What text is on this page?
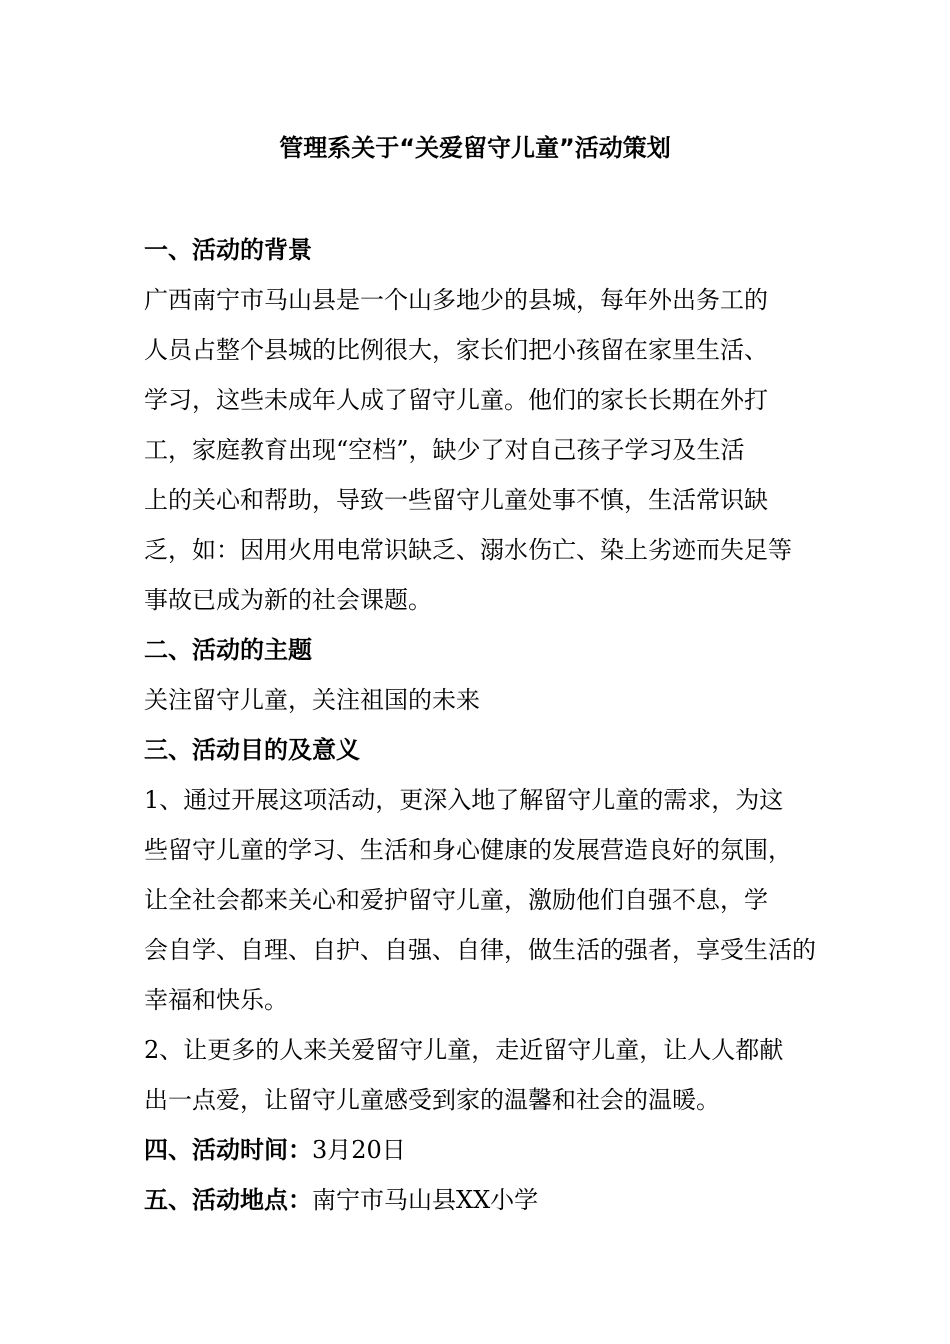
管理系关于“关爱留守儿童”活动策划
一、活动的背景
广西南宁市马山县是一个山多地少的县城，每年外出务工的
人员占整个县城的比例很大，家长们把小孩留在家里生活、
学习，这些未成年人成了留守儿童。他们的家长长期在外打
工，家庭教育出现“空档”，缺少了对自己孩子学习及生活
上的关心和帮助，导致一些留守儿童处事不慎，生活常识缺
乏，如：因用火用电常识缺乏、溺水伤亡、染上劣迹而失足等
事故已成为新的社会课题。
二、活动的主题
关注留守儿童，关注祖国的未来
三、活动目的及意义
1、通过开展这项活动，更深入地了解留守儿童的需求，为这
些留守儿童的学习、生活和身心健康的发展营造良好的氛围，
让全社会都来关心和爱护留守儿童，激励他们自强不息，学
会自学、自理、自护、自强、自律，做生活的强者，享受生活的
幸福和快乐。
2、让更多的人来关爱留守儿童，走近留守儿童，让人人都献
出一点爱，让留守儿童感受到家的温馨和社会的温暖。
四、活动时间：3月20日
五、活动地点：南宁市马山县XX小学
